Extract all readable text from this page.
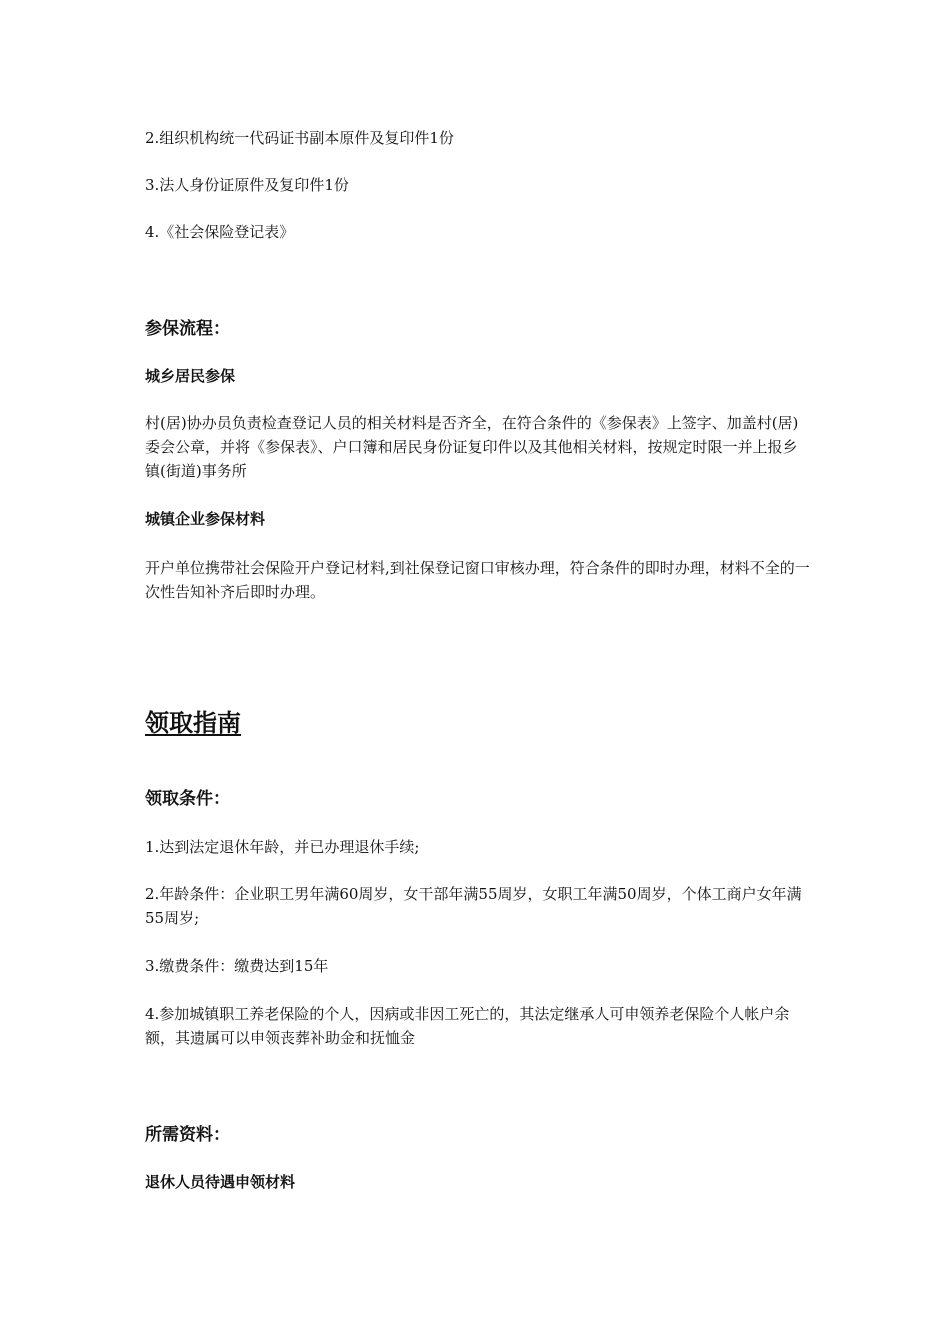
2.组织机构统一代码证书副本原件及复印件1份

3.法人身份证原件及复印件1份

4.《社会保险登记表》

参保流程：
城乡居民参保

村(居)协办员负责检查登记人员的相关材料是否齐全，在符合条件的《参保表》上签字、加盖村(居)委会公章，并将《参保表》、户口簿和居民身份证复印件以及其他相关材料，按规定时限一并上报乡镇(街道)事务所

城镇企业参保材料

开户单位携带社会保险开户登记材料,到社保登记窗口审核办理，符合条件的即时办理，材料不全的一次性告知补齐后即时办理。

领取指南
领取条件：

1.达到法定退休年龄，并已办理退休手续;

2.年龄条件：企业职工男年满60周岁，女干部年满55周岁，女职工年满50周岁，个体工商户女年满55周岁;

3.缴费条件：缴费达到15年

4.参加城镇职工养老保险的个人，因病或非因工死亡的，其法定继承人可申领养老保险个人帐户余额，其遗属可以申领丧葬补助金和抚恤金

所需资料：
退休人员待遇申领材料
